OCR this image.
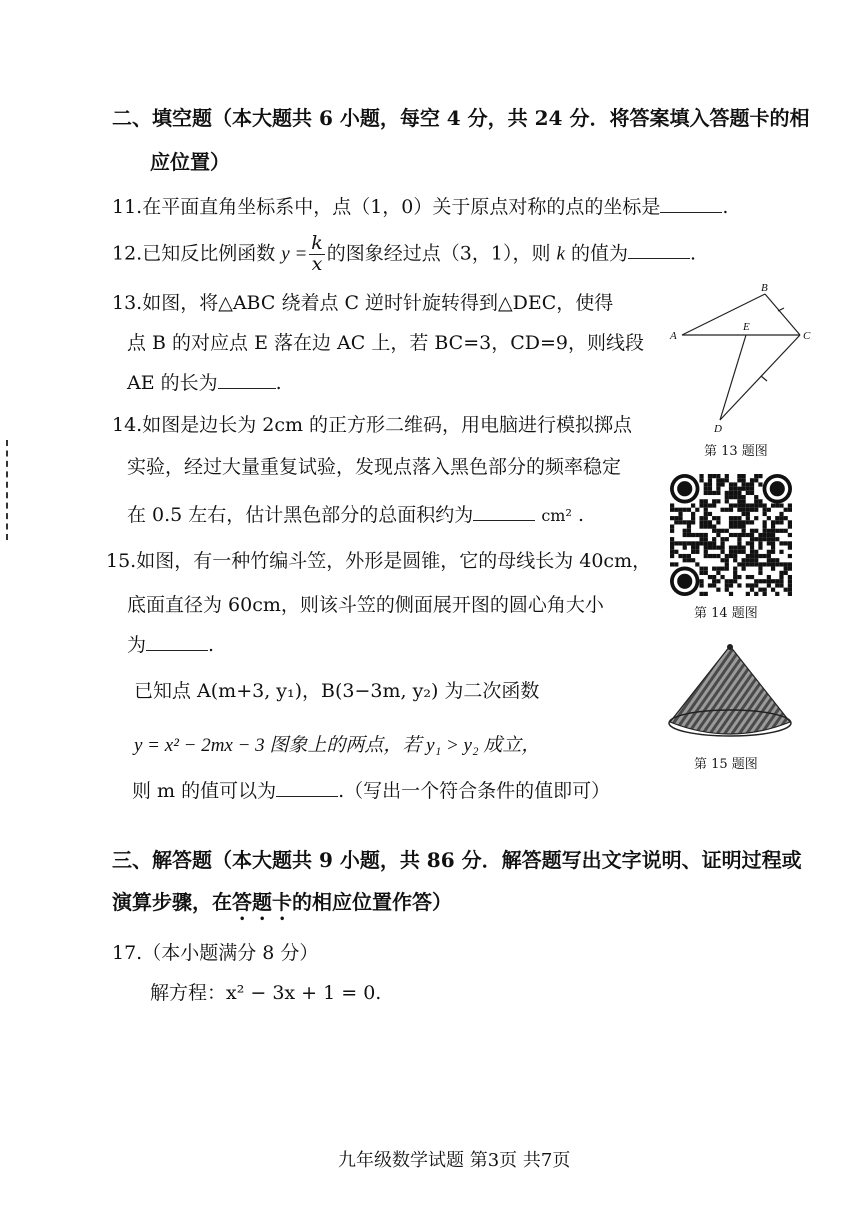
二、填空题（本大题共 6 小题，每空 4 分，共 24 分．将答案填入答题卡的相
应位置）
11.在平面直角坐标系中，点（1，0）关于原点对称的点的坐标是	.
12.已知反比例函数 $y = \frac{k}{x}$ 的图象经过点（3，1），则 k 的值为	.
13.如图，将△ABC 绕着点 C 逆时针旋转得到△DEC，使得
点 B 的对应点 E 落在边 AC 上，若 BC=3，CD=9，则线段
AE 的长为	.
A
B
C
D
E
第 13 题图
14.如图是边长为 2cm 的正方形二维码，用电脑进行模拟掷点
实验，经过大量重复试验，发现点落入黑色部分的频率稳定
在 0.5 左右，估计黑色部分的总面积约为	cm² .
第 14 题图
15.如图，有一种竹编斗笠，外形是圆锥，它的母线长为 40cm，
底面直径为 60cm，则该斗笠的侧面展开图的圆心角大小
为	.
第 15 题图
已知点 A(m+3, y₁)，B(3−3m, y₂) 为二次函数
y = x² − 2mx − 3 图象上的两点，若 y₁ > y₂ 成立，
则 m 的值可以为	.（写出一个符合条件的值即可）
三、解答题（本大题共 9 小题，共 86 分．解答题写出文字说明、证明过程或
演算步骤，在答题卡的相应位置作答）
17.（本小题满分 8 分）
解方程：x² − 3x + 1 = 0.
九年级数学试题 第3页 共7页
